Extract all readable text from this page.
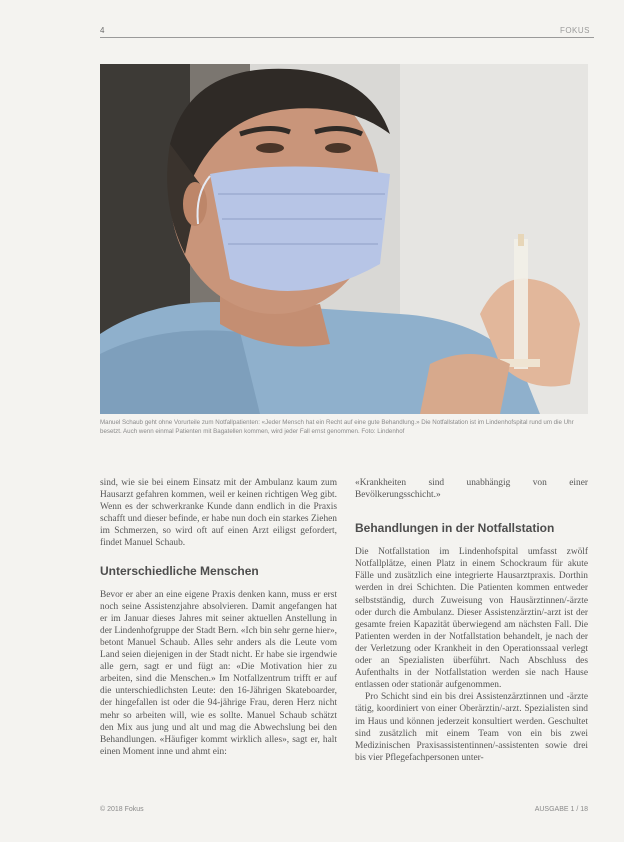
4	FOKUS
Manuel Schaub geht ohne Vorurteile zum Notfallpatienten: «Jeder Mensch hat ein Recht auf eine gute Behandlung.» Die Notfallstation ist im Lindenhofspital rund um die Uhr besetzt. Auch wenn einmal Patienten mit Bagatellen kommen, wird jeder Fall ernst genommen. Foto: Lindenhof

sind, wie sie bei einem Einsatz mit der Ambulanz kaum zum Hausarzt gefahren kommen, weil er keinen richtigen Weg gibt. Wenn es der schwerkranke Kunde dann endlich in die Praxis schafft und dieser befinde, er habe nun doch ein starkes Ziehen im Schmerzen, so wird oft auf einen Arzt eiligst gefordert, findet Manuel Schaub.

Unterschiedliche Menschen

Bevor er aber an eine eigene Praxis denken kann, muss er erst noch seine Assistenzjahre absolvieren. Damit angefangen hat er im Januar dieses Jahres mit seiner aktuellen Anstellung in der Lindenhofgruppe der Stadt Bern. «Ich bin sehr gerne hier», betont Manuel Schaub. Alles sehr anders als die Leute vom Land seien diejenigen in der Stadt nicht. Er habe sie irgendwie alle gern, sagt er und fügt an: «Die Motivation hier zu arbeiten, sind die Menschen.» Im Notfallzentrum trifft er auf die unterschiedlichsten Leute: den 16-Jährigen Skateboarder, der hingefallen ist oder die 94-jährige Frau, deren Herz nicht mehr so arbeiten will, wie es sollte. Manuel Schaub schätzt den Mix aus jung und alt und mag die Abwechslung bei den Behandlungen. «Häufiger kommt wirklich alles», sagt er, halt einen Moment inne und ahmt ein:

«Krankheiten sind unabhängig von einer Bevölkerungsschicht.»

Behandlungen in der Notfallstation

Die Notfallstation im Lindenhofspital umfasst zwölf Notfallplätze, einen Platz in einem Schockraum für akute Fälle und zusätzlich eine integrierte Hausarztpraxis. Dorthin werden in drei Schichten. Die Patienten kommen entweder selbstständig, durch Zuweisung von Hausärztinnen/-ärzte oder durch die Ambulanz. Dieser Assistenzärztin/-arzt ist der gesamte freien Kapazität überwiegend am nächsten Fall. Die Patienten werden in der Notfallstation behandelt, je nach der der Verletzung oder Krankheit in den Operationssaal verlegt oder an Spezialisten überführt. Nach Abschluss des Aufenthalts in der Notfallstation werden sie nach Hause entlassen oder stationär aufgenommen.

Pro Schicht sind ein bis drei Assistenzärztinnen und -ärzte tätig, koordiniert von einer Oberärztin/-arzt. Spezialisten sind im Haus und können jederzeit konsultiert werden. Geschultet sind zusätzlich mit einem Team von ein bis zwei Medizinischen Praxisassistentinnen/-assistenten sowie drei bis vier Pflegefachpersonen unter-

© 2018 Fokus	AUSGABE 1 / 18
